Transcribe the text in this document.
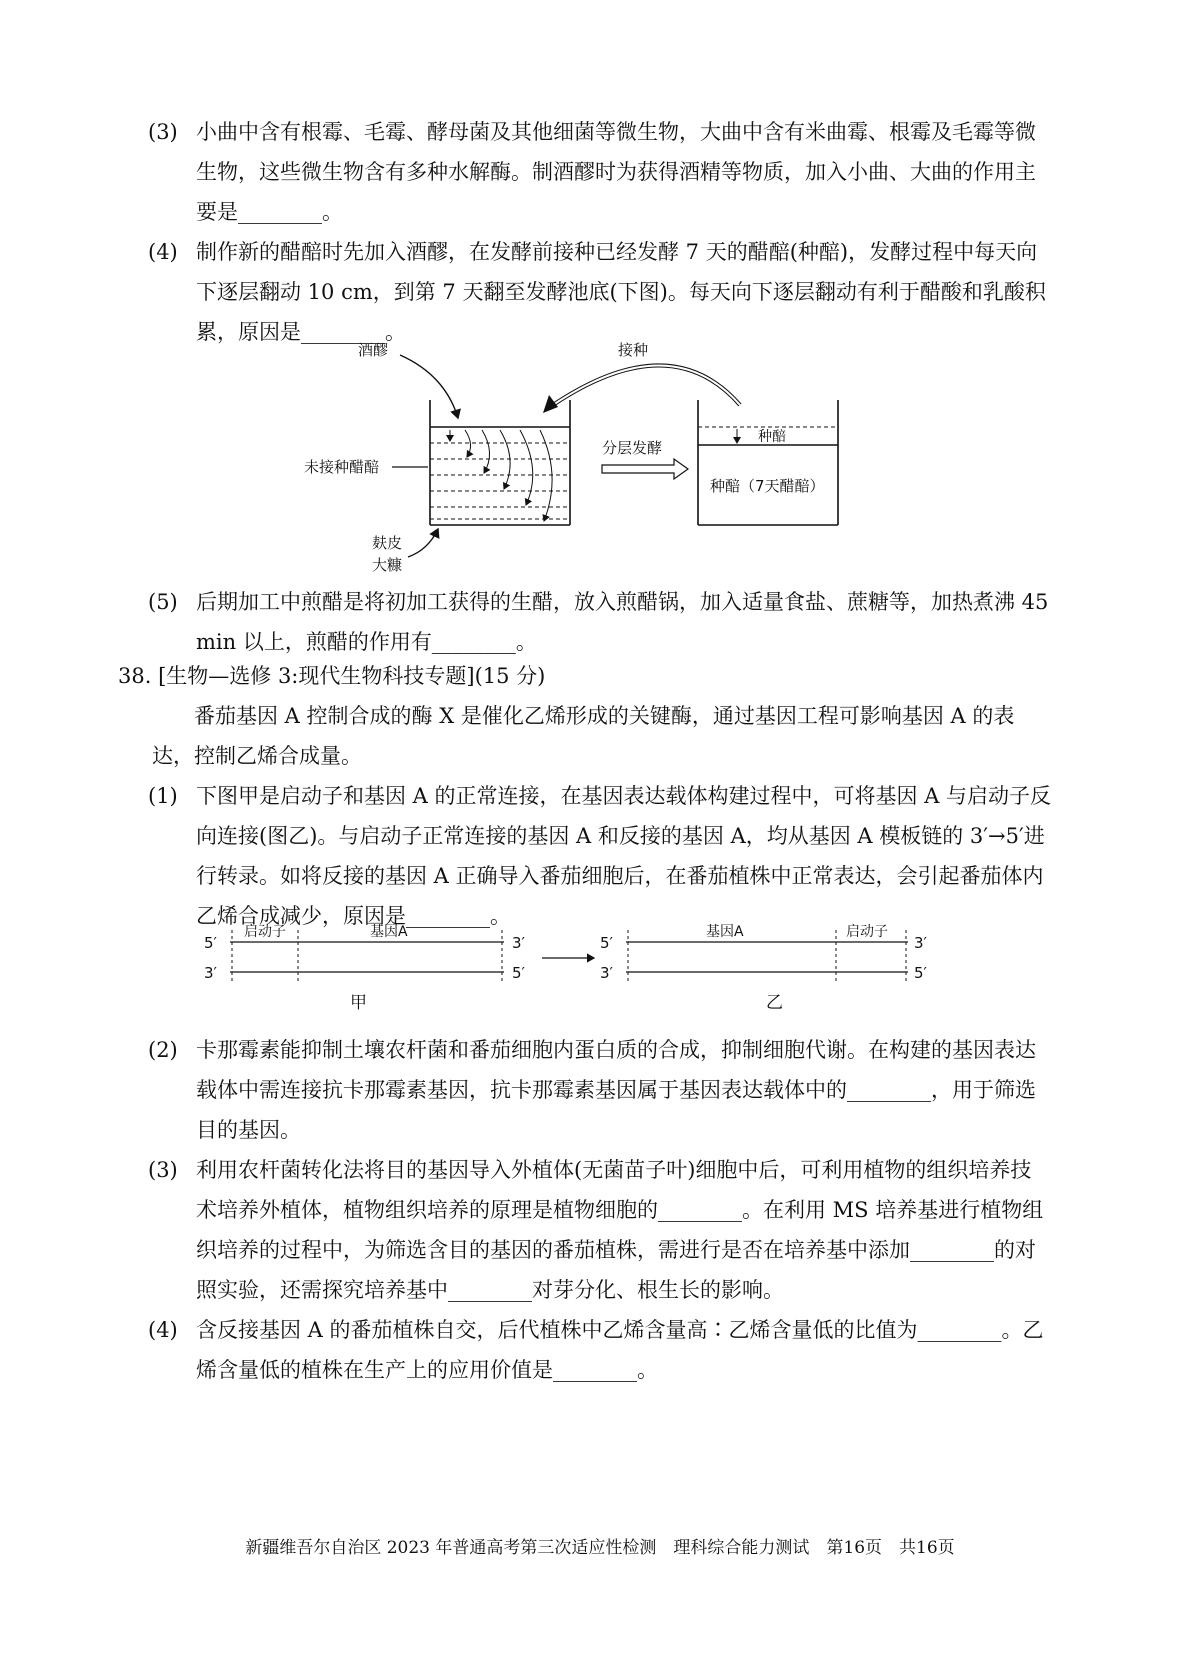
(3) 小曲中含有根霉、毛霉、酵母菌及其他细菌等微生物，大曲中含有米曲霉、根霉及毛霉等微生物，这些微生物含有多种水解酶。制酒醪时为获得酒精等物质，加入小曲、大曲的作用主要是________。
(4) 制作新的醋醅时先加入酒醪，在发酵前接种已经发酵 7 天的醋醅(种醅)，发酵过程中每天向下逐层翻动 10 cm，到第 7 天翻至发酵池底(下图)。每天向下逐层翻动有利于醋酸和乳酸积累，原因是________。
酒醪	接种
未接种醋醅
分层发酵
种醅
种醅（7天醋醅）
麸皮
大糠
(5) 后期加工中煎醋是将初加工获得的生醋，放入煎醋锅，加入适量食盐、蔗糖等，加热煮沸 45 min 以上，煎醋的作用有________。
38. [生物—选修 3:现代生物科技专题](15 分)
番茄基因 A 控制合成的酶 X 是催化乙烯形成的关键酶，通过基因工程可影响基因 A 的表达，控制乙烯合成量。
(1) 下图甲是启动子和基因 A 的正常连接，在基因表达载体构建过程中，可将基因 A 与启动子反向连接(图乙)。与启动子正常连接的基因 A 和反接的基因 A，均从基因 A 模板链的 3′→5′进行转录。如将反接的基因 A 正确导入番茄细胞后，在番茄植株中正常表达，会引起番茄体内乙烯合成减少，原因是________。
5′
3′
启动子	基因A
3′
5′
甲
5′
3′
基因A	启动子
3′
5′
乙
(2) 卡那霉素能抑制土壤农杆菌和番茄细胞内蛋白质的合成，抑制细胞代谢。在构建的基因表达载体中需连接抗卡那霉素基因，抗卡那霉素基因属于基因表达载体中的________，用于筛选目的基因。
(3) 利用农杆菌转化法将目的基因导入外植体(无菌苗子叶)细胞中后，可利用植物的组织培养技术培养外植体，植物组织培养的原理是植物细胞的________。在利用 MS 培养基进行植物组织培养的过程中，为筛选含目的基因的番茄植株，需进行是否在培养基中添加________的对照实验，还需探究培养基中________对芽分化、根生长的影响。
(4) 含反接基因 A 的番茄植株自交，后代植株中乙烯含量高∶乙烯含量低的比值为________。乙烯含量低的植株在生产上的应用价值是________。
新疆维吾尔自治区 2023 年普通高考第三次适应性检测　理科综合能力测试　第16页　共16页
